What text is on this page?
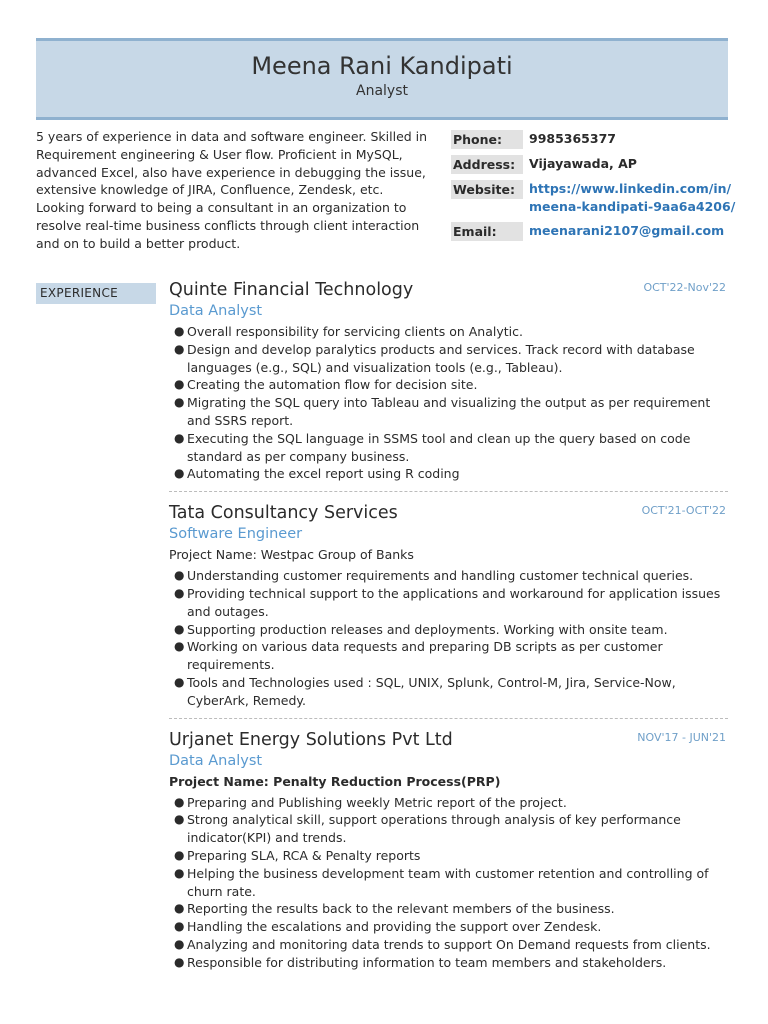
Meena Rani Kandipati
Analyst
5 years of experience in data and software engineer. Skilled in Requirement engineering & User flow. Proficient in MySQL, advanced Excel, also have experience in debugging the issue, extensive knowledge of JIRA, Confluence, Zendesk, etc. Looking forward to being a consultant in an organization to resolve real-time business conflicts through client interaction and on to build a better product.
Phone:	9985365377
Address:	Vijayawada, AP
Website:	https://www.linkedin.com/in/
meena-kandipati-9aa6a4206/
Email:	meenarani2107@gmail.com
EXPERIENCE	Quinte Financial Technology	OCT'22-Nov'22
Data Analyst
● Overall responsibility for servicing clients on Analytic.
● Design and develop paralytics products and services. Track record with database languages (e.g., SQL) and visualization tools (e.g., Tableau).
● Creating the automation flow for decision site.
● Migrating the SQL query into Tableau and visualizing the output as per requirement and SSRS report.
● Executing the SQL language in SSMS tool and clean up the query based on code standard as per company business.
● Automating the excel report using R coding
Tata Consultancy Services	OCT'21-OCT'22
Software Engineer
Project Name: Westpac Group of Banks
● Understanding customer requirements and handling customer technical queries.
● Providing technical support to the applications and workaround for application issues and outages.
● Supporting production releases and deployments. Working with onsite team.
● Working on various data requests and preparing DB scripts as per customer requirements.
● Tools and Technologies used : SQL, UNIX, Splunk, Control-M, Jira, Service-Now, CyberArk, Remedy.
Urjanet Energy Solutions Pvt Ltd	NOV'17 - JUN'21
Data Analyst
Project Name: Penalty Reduction Process(PRP)
● Preparing and Publishing weekly Metric report of the project.
● Strong analytical skill, support operations through analysis of key performance indicator(KPI) and trends.
● Preparing SLA, RCA & Penalty reports
● Helping the business development team with customer retention and controlling of churn rate.
● Reporting the results back to the relevant members of the business.
● Handling the escalations and providing the support over Zendesk.
● Analyzing and monitoring data trends to support On Demand requests from clients.
● Responsible for distributing information to team members and stakeholders.
